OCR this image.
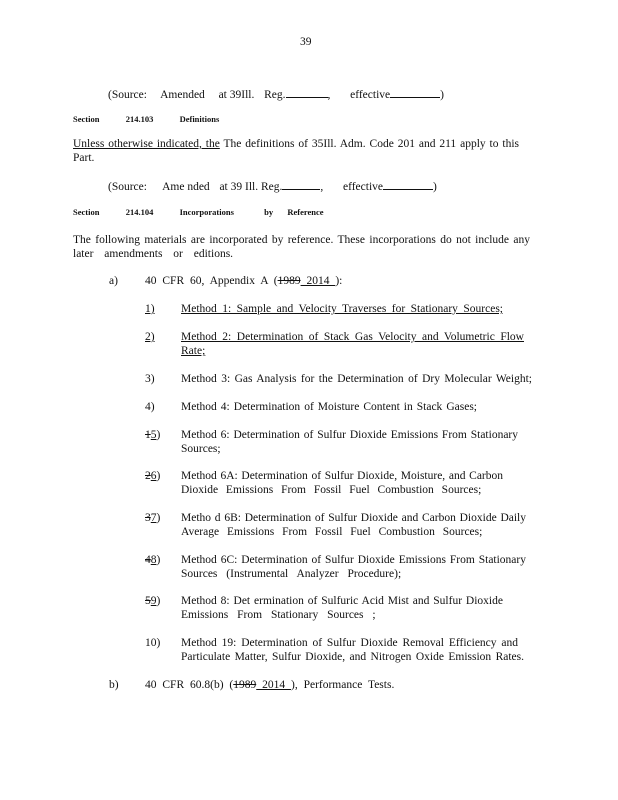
39
(Source: Amended at 39Ill. Reg.	, effective	)
Section	214.103	Definitions
Unless otherwise indicated, the The definitions of 35Ill. Adm. Code 201 and 211 apply to this
Part.
(Source: Ame nded at 39 Ill. Reg.	, effective	)
Section	214.104	Incorporations	by Reference
The following materials are incorporated by reference. These incorporations do not include any
later amendments or editions.
a) 40 CFR 60, Appendix A (1989 2014 ):
1) Method 1: Sample and Velocity Traverses for Stationary Sources;
2) Method 2: Determination of Stack Gas Velocity and Volumetric Flow
Rate;
3) Method 3: Gas Analysis for the Determination of Dry Molecular Weight;
4) Method 4: Determination of Moisture Content in Stack Gases;
15) Method 6: Determination of Sulfur Dioxide Emissions From Stationary
Sources;
26) Method 6A: Determination of Sulfur Dioxide, Moisture, and Carbon
Dioxide Emissions From Fossil Fuel Combustion Sources;
37) Metho d 6B: Determination of Sulfur Dioxide and Carbon Dioxide Daily
Average Emissions From Fossil Fuel Combustion Sources;
48) Method 6C: Determination of Sulfur Dioxide Emissions From Stationary
Sources (Instrumental Analyzer Procedure);
59) Method 8: Det ermination of Sulfuric Acid Mist and Sulfur Dioxide
Emissions From Stationary Sources ;
10) Method 19: Determination of Sulfur Dioxide Removal Efficiency and
Particulate Matter, Sulfur Dioxide, and Nitrogen Oxide Emission Rates.
b) 40 CFR 60.8(b) (1989 2014 ), Performance Tests.
